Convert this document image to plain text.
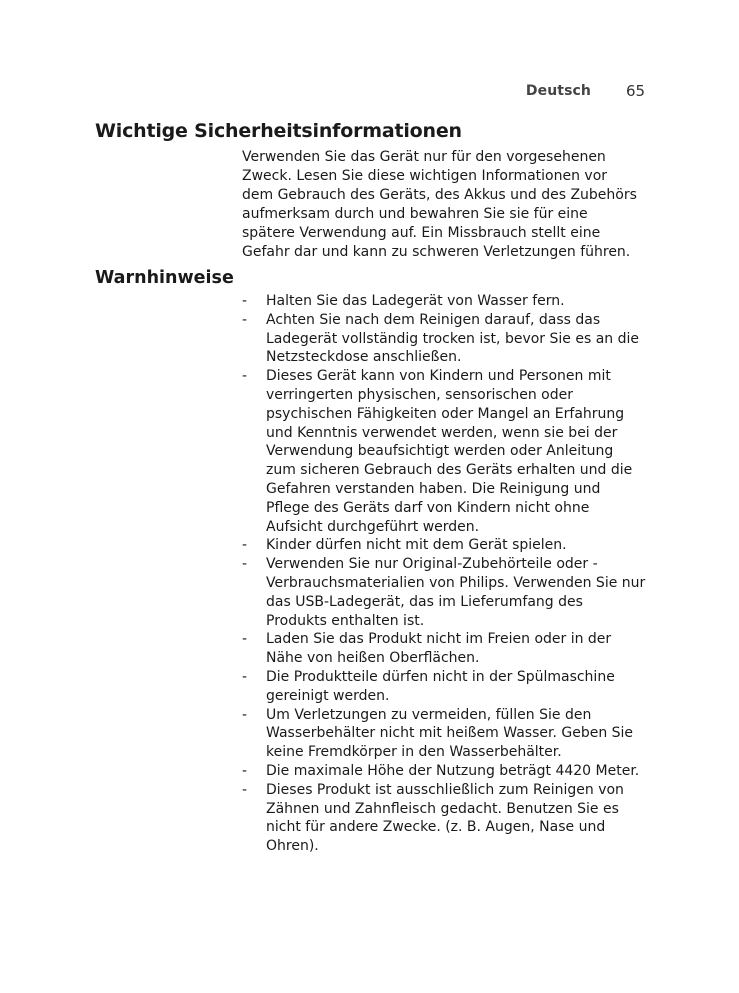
Deutsch 65
Wichtige Sicherheitsinformationen

Verwenden Sie das Gerät nur für den vorgesehenen Zweck. Lesen Sie diese wichtigen Informationen vor dem Gebrauch des Geräts, des Akkus und des Zubehörs aufmerksam durch und bewahren Sie sie für eine spätere Verwendung auf. Ein Missbrauch stellt eine Gefahr dar und kann zu schweren Verletzungen führen.

Warnhinweise
- Halten Sie das Ladegerät von Wasser fern.
- Achten Sie nach dem Reinigen darauf, dass das Ladegerät vollständig trocken ist, bevor Sie es an die Netzsteckdose anschließen.
- Dieses Gerät kann von Kindern und Personen mit verringerten physischen, sensorischen oder psychischen Fähigkeiten oder Mangel an Erfahrung und Kenntnis verwendet werden, wenn sie bei der Verwendung beaufsichtigt werden oder Anleitung zum sicheren Gebrauch des Geräts erhalten und die Gefahren verstanden haben. Die Reinigung und Pflege des Geräts darf von Kindern nicht ohne Aufsicht durchgeführt werden.
- Kinder dürfen nicht mit dem Gerät spielen.
- Verwenden Sie nur Original-Zubehörteile oder -Verbrauchsmaterialien von Philips. Verwenden Sie nur das USB-Ladegerät, das im Lieferumfang des Produkts enthalten ist.
- Laden Sie das Produkt nicht im Freien oder in der Nähe von heißen Oberflächen.
- Die Produktteile dürfen nicht in der Spülmaschine gereinigt werden.
- Um Verletzungen zu vermeiden, füllen Sie den Wasserbehälter nicht mit heißem Wasser. Geben Sie keine Fremdkörper in den Wasserbehälter.
- Die maximale Höhe der Nutzung beträgt 4420 Meter.
- Dieses Produkt ist ausschließlich zum Reinigen von Zähnen und Zahnfleisch gedacht. Benutzen Sie es nicht für andere Zwecke. (z. B. Augen, Nase und Ohren).
